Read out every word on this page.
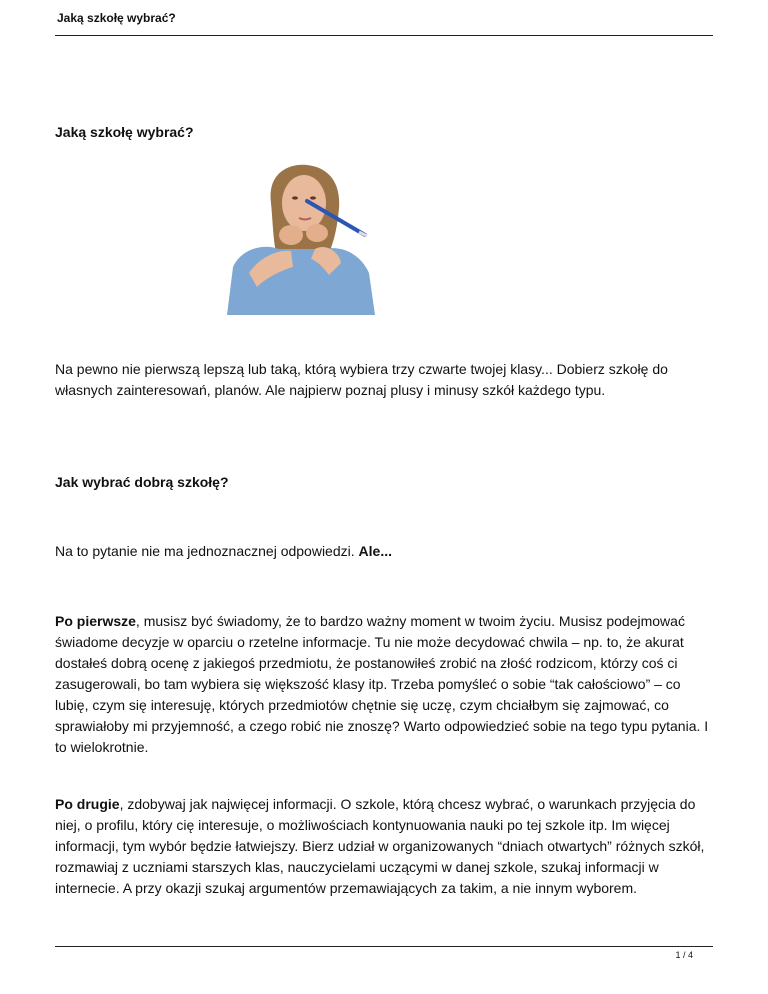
Jaką szkołę wybrać?
Jaką szkołę wybrać?
Na pewno nie pierwszą lepszą lub taką, którą wybiera trzy czwarte twojej klasy... Dobierz szkołę do własnych zainteresowań, planów. Ale najpierw poznaj plusy i minusy szkół każdego typu.
Jak wybrać dobrą szkołę?
Na to pytanie nie ma jednoznacznej odpowiedzi. Ale...
Po pierwsze, musisz być świadomy, że to bardzo ważny moment w twoim życiu. Musisz podejmować świadome decyzje w oparciu o rzetelne informacje. Tu nie może decydować chwila – np. to, że akurat dostałeś dobrą ocenę z jakiegoś przedmiotu, że postanowiłeś zrobić na złość rodzicom, którzy coś ci zasugerowali, bo tam wybiera się większość klasy itp. Trzeba pomyśleć o sobie “tak całościowo” – co lubię, czym się interesuję, których przedmiotów chętnie się uczę, czym chciałbym się zajmować, co sprawiałoby mi przyjemność, a czego robić nie znoszę? Warto odpowiedzieć sobie na tego typu pytania. I to wielokrotnie.
Po drugie, zdobywaj jak najwięcej informacji. O szkole, którą chcesz wybrać, o warunkach przyjęcia do niej, o profilu, który cię interesuje, o możliwościach kontynuowania nauki po tej szkole itp. Im więcej informacji, tym wybór będzie łatwiejszy. Bierz udział w organizowanych “dniach otwartych” różnych szkół, rozmawiaj z uczniami starszych klas, nauczycielami uczącymi w danej szkole, szukaj informacji w internecie. A przy okazji szukaj argumentów przemawiających za takim, a nie innym wyborem.
1 / 4
